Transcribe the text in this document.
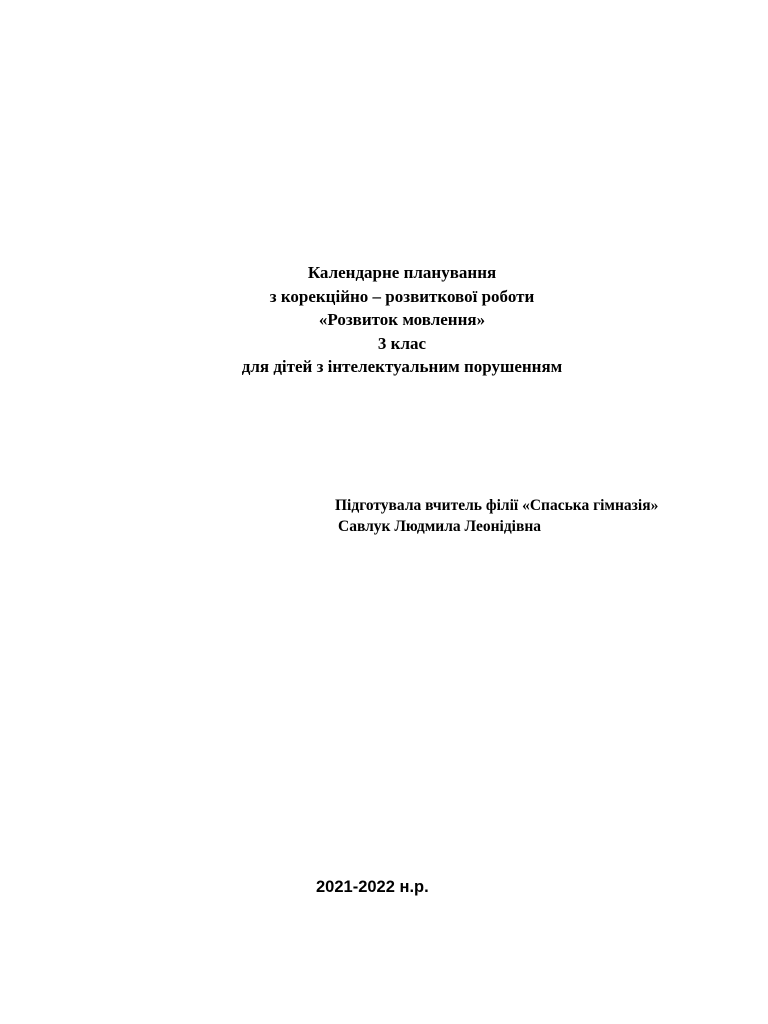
Календарне планування
з корекційно – розвиткової роботи
«Розвиток мовлення»
3 клас
для дітей з інтелектуальним порушенням
Підготувала вчитель філії «Спаська гімназія»
Савлук Людмила Леонідівна
2021-2022 н.р.
